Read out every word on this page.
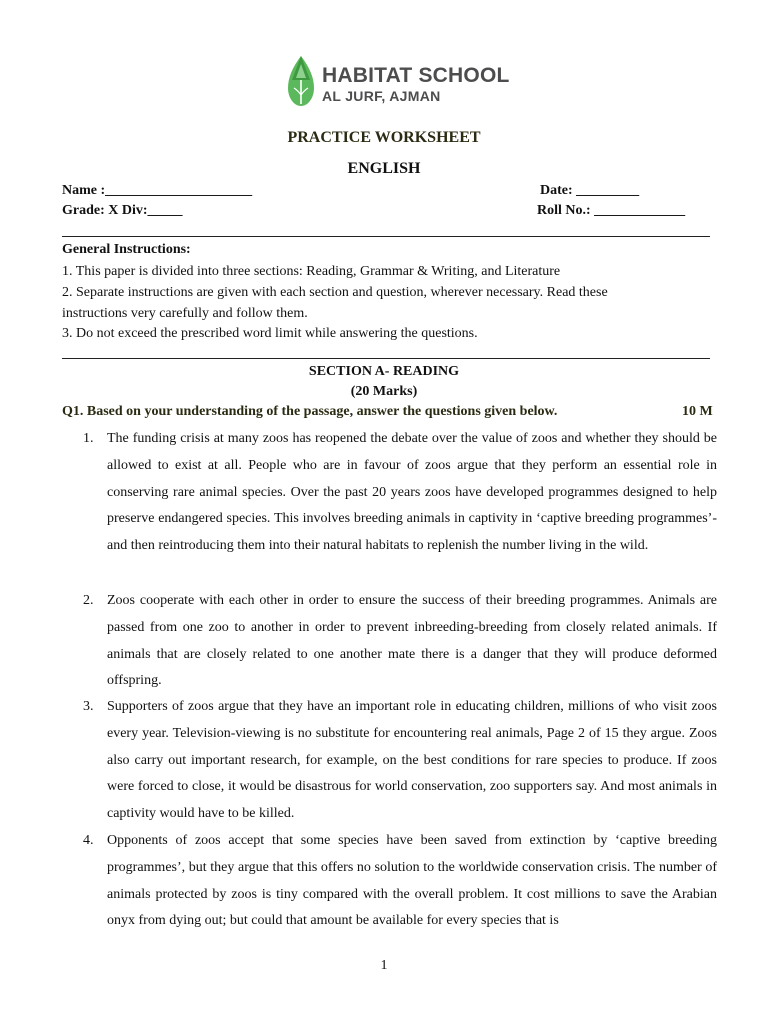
HABITAT SCHOOL
AL JURF, AJMAN
PRACTICE WORKSHEET
ENGLISH
Name :_____________________	Date: _________
Grade: X Div:_____	Roll No.: _____________
General Instructions:
1. This paper is divided into three sections: Reading, Grammar & Writing, and Literature
2. Separate instructions are given with each section and question, wherever necessary. Read these instructions very carefully and follow them.
3. Do not exceed the prescribed word limit while answering the questions.
SECTION A- READING
(20 Marks)
Q1. Based on your understanding of the passage, answer the questions given below.	10 M
1. The funding crisis at many zoos has reopened the debate over the value of zoos and whether they should be allowed to exist at all. People who are in favour of zoos argue that they perform an essential role in conserving rare animal species. Over the past 20 years zoos have developed programmes designed to help preserve endangered species. This involves breeding animals in captivity in ‘captive breeding programmes’-and then reintroducing them into their natural habitats to replenish the number living in the wild.
2. Zoos cooperate with each other in order to ensure the success of their breeding programmes. Animals are passed from one zoo to another in order to prevent inbreeding-breeding from closely related animals. If animals that are closely related to one another mate there is a danger that they will produce deformed offspring.
3. Supporters of zoos argue that they have an important role in educating children, millions of who visit zoos every year. Television-viewing is no substitute for encountering real animals, Page 2 of 15 they argue. Zoos also carry out important research, for example, on the best conditions for rare species to produce. If zoos were forced to close, it would be disastrous for world conservation, zoo supporters say. And most animals in captivity would have to be killed.
4. Opponents of zoos accept that some species have been saved from extinction by ‘captive breeding programmes’, but they argue that this offers no solution to the worldwide conservation crisis. The number of animals protected by zoos is tiny compared with the overall problem. It cost millions to save the Arabian onyx from dying out; but could that amount be available for every species that is
1
